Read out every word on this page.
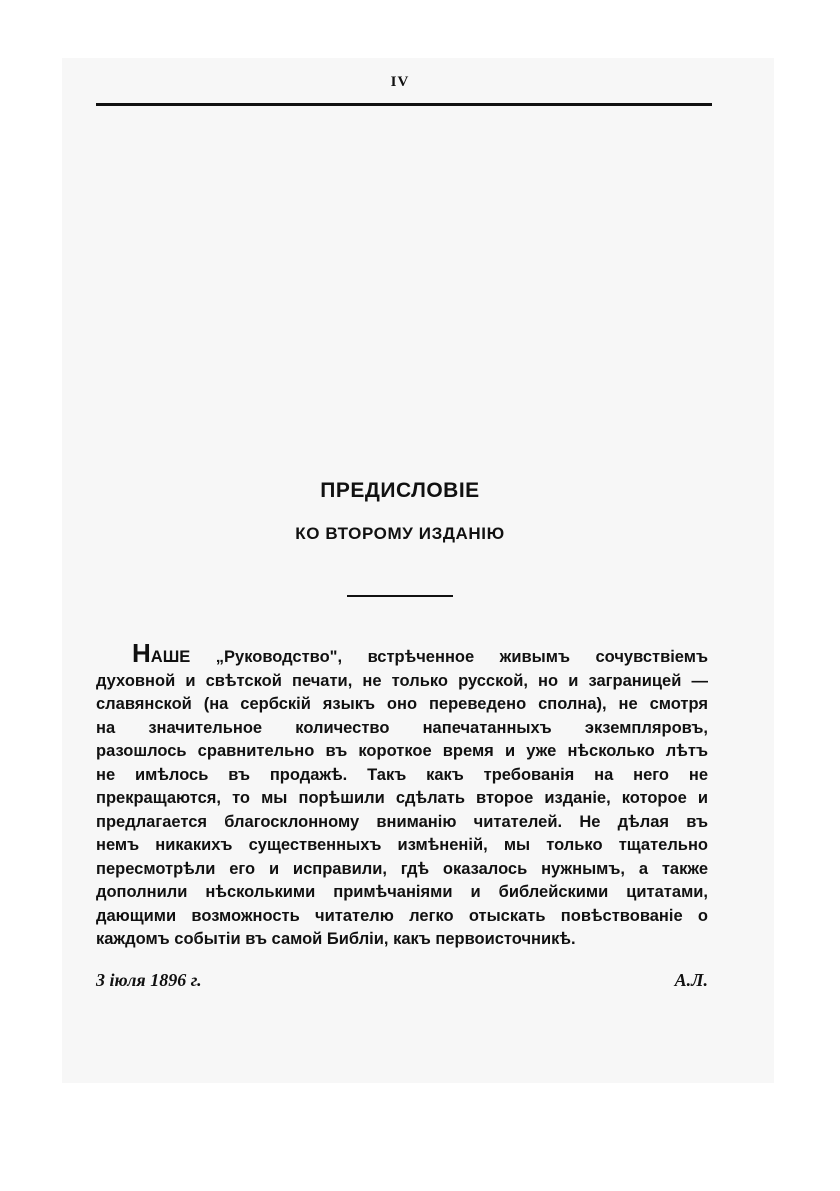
IV
ПРЕДИСЛОВІЕ
КО ВТОРОМУ ИЗДАНІЮ
НАШЕ „Руководство", встрѣченное живымъ сочувствіемъ
духовной и свѣтской печати, не только русской, но и заграницей —
славянской (на сербскій языкъ оно переведено сполна), не смотря
на значительное количество напечатанныхъ экземпляровъ,
разошлось сравнительно въ короткое время и уже нѣсколько лѣтъ
не имѣлось въ продажѣ. Такъ какъ требованія на него не
прекращаются, то мы порѣшили сдѣлать второе изданіе, которое и
предлагается благосклонному вниманію читателей. Не дѣлая въ
немъ никакихъ существенныхъ измѣненій, мы только тщательно
пересмотрѣли его и исправили, гдѣ оказалось нужнымъ, а также
дополнили нѣсколькими примѣчаніями и библейскими цитатами,
дающими возможность читателю легко отыскать повѣствованіе о
каждомъ событіи въ самой Библіи, какъ первоисточникѣ.
3 іюля 1896 г.	А.Л.
